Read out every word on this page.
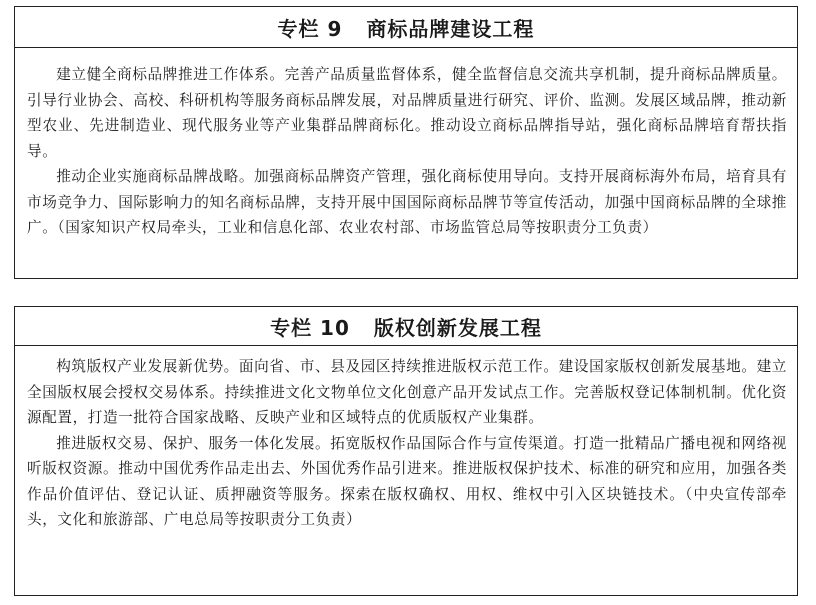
专栏 9 商标品牌建设工程

建立健全商标品牌推进工作体系。完善产品质量监督体系，健全监督信息交流共享机制，提升商标品牌质量。引导行业协会、高校、科研机构等服务商标品牌发展，对品牌质量进行研究、评价、监测。发展区域品牌，推动新型农业、先进制造业、现代服务业等产业集群品牌商标化。推动设立商标品牌指导站，强化商标品牌培育帮扶指导。

推动企业实施商标品牌战略。加强商标品牌资产管理，强化商标使用导向。支持开展商标海外布局，培育具有市场竞争力、国际影响力的知名商标品牌，支持开展中国国际商标品牌节等宣传活动，加强中国商标品牌的全球推广。（国家知识产权局牵头，工业和信息化部、农业农村部、市场监管总局等按职责分工负责）

专栏 10 版权创新发展工程

构筑版权产业发展新优势。面向省、市、县及园区持续推进版权示范工作。建设国家版权创新发展基地。建立全国版权展会授权交易体系。持续推进文化文物单位文化创意产品开发试点工作。完善版权登记体制机制。优化资源配置，打造一批符合国家战略、反映产业和区域特点的优质版权产业集群。

推进版权交易、保护、服务一体化发展。拓宽版权作品国际合作与宣传渠道。打造一批精品广播电视和网络视听版权资源。推动中国优秀作品走出去、外国优秀作品引进来。推进版权保护技术、标准的研究和应用，加强各类作品价值评估、登记认证、质押融资等服务。探索在版权确权、用权、维权中引入区块链技术。（中央宣传部牵头，文化和旅游部、广电总局等按职责分工负责）
